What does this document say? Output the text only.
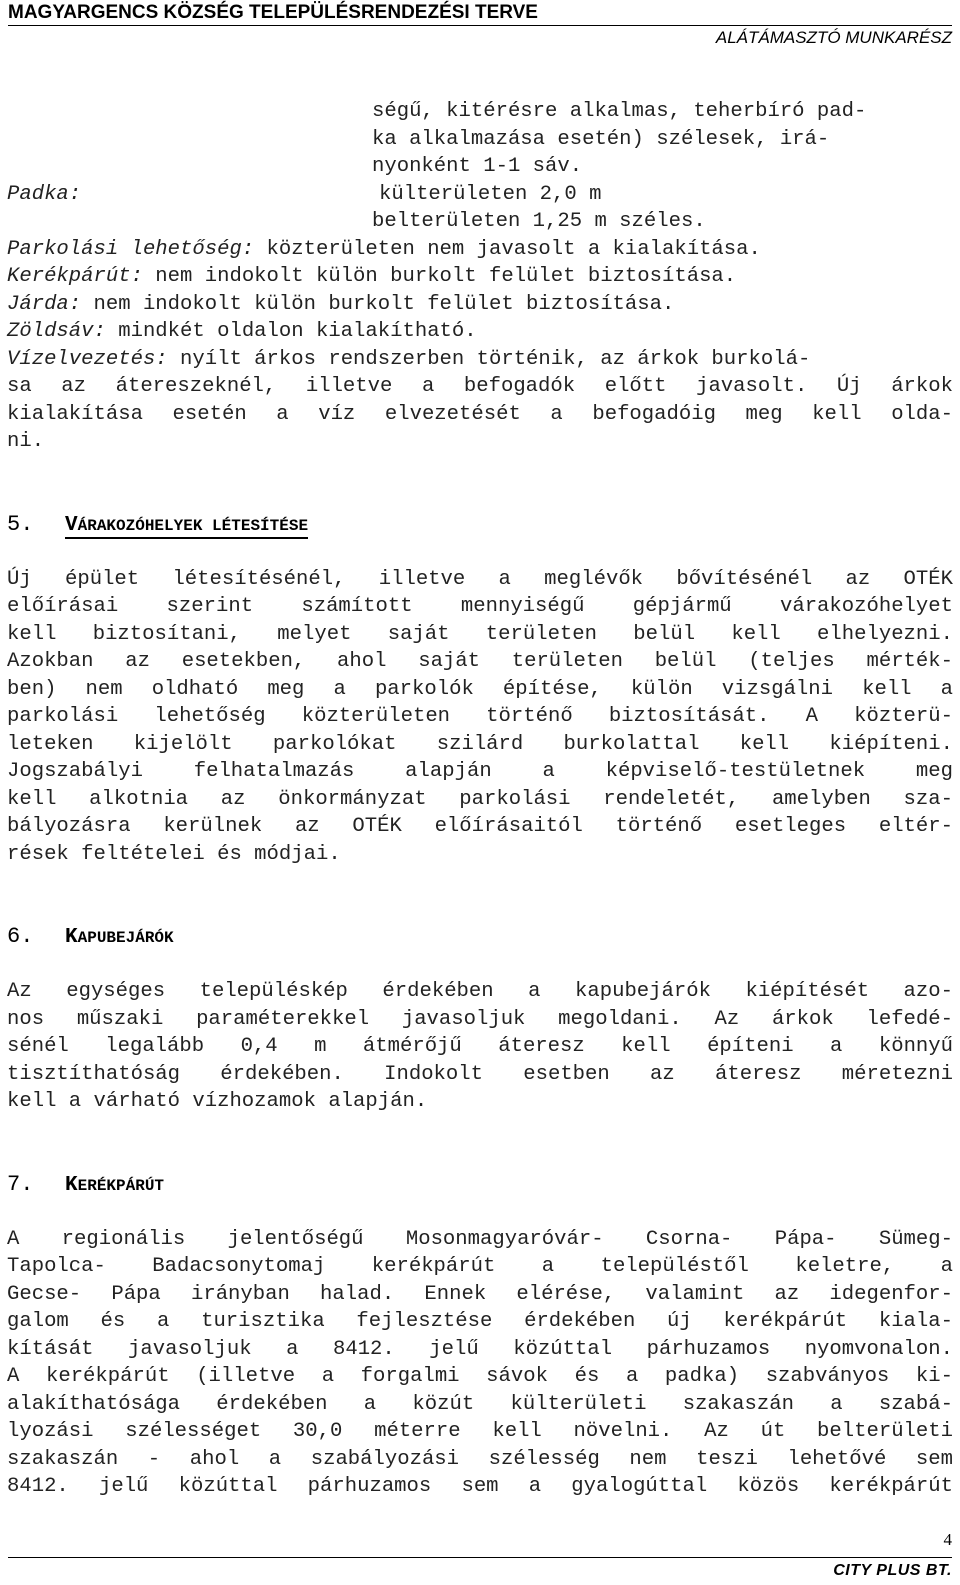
MAGYARGENCS KÖZSÉG TELEPÜLÉSRENDEZÉSI TERVE
ALÁTÁMASZTÓ MUNKARÉSZ
ségű, kitérésre alkalmas, teherbíró pad-
ka alkalmazása esetén) szélesek, irá-
nyonként 1-1 sáv.
Padka:	külterületen 2,0 m
belterületen 1,25 m széles.
Parkolási lehetőség: közterületen nem javasolt a kialakítása.
Kerékpárút: nem indokolt külön burkolt felület biztosítása.
Járda: nem indokolt külön burkolt felület biztosítása.
Zöldsáv: mindkét oldalon kialakítható.
Vízelvezetés: nyílt árkos rendszerben történik, az árkok burkolá-
sa az átereszeknél, illetve a befogadók előtt javasolt. Új árkok
kialakítása esetén a víz elvezetését a befogadóig meg kell olda-
ni.
5. VÁRAKOZÓHELYEK LÉTESÍTÉSE
Új épület létesítésénél, illetve a meglévők bővítésénél az OTÉK
előírásai szerint számított mennyiségű gépjármű várakozóhelyet
kell biztosítani, melyet saját területen belül kell elhelyezni.
Azokban az esetekben, ahol saját területen belül (teljes mérték-
ben) nem oldható meg a parkolók építése, külön vizsgálni kell a
parkolási lehetőség közterületen történő biztosítását. A közterü-
leteken kijelölt parkolókat szilárd burkolattal kell kiépíteni.
Jogszabályi felhatalmazás alapján a képviselő-testületnek meg
kell alkotnia az önkormányzat parkolási rendeletét, amelyben sza-
bályozásra kerülnek az OTÉK előírásaitól történő esetleges eltér-
rések feltételei és módjai.
6. KAPUBEJÁRÓK
Az egységes településkép érdekében a kapubejárók kiépítését azo-
nos műszaki paraméterekkel javasoljuk megoldani. Az árkok lefedé-
sénél legalább 0,4 m átmérőjű áteresz kell építeni a könnyű
tisztíthatóság érdekében. Indokolt esetben az áteresz méretezni
kell a várható vízhozamok alapján.
7. KERÉKPÁRÚT
A regionális jelentőségű Mosonmagyaróvár- Csorna- Pápa- Sümeg-
Tapolca- Badacsonytomaj kerékpárút a településtől keletre, a
Gecse- Pápa irányban halad. Ennek elérése, valamint az idegenfor-
galom és a turisztika fejlesztése érdekében új kerékpárút kiala-
kítását javasoljuk a 8412. jelű közúttal párhuzamos nyomvonalon.
A kerékpárút (illetve a forgalmi sávok és a padka) szabványos ki-
alakíthatósága érdekében a közút külterületi szakaszán a szabá-
lyozási szélességet 30,0 méterre kell növelni. Az út belterületi
szakaszán - ahol a szabályozási szélesség nem teszi lehetővé sem
8412. jelű közúttal párhuzamos sem a gyalogúttal közös kerékpárút
4
CITY PLUS BT.
